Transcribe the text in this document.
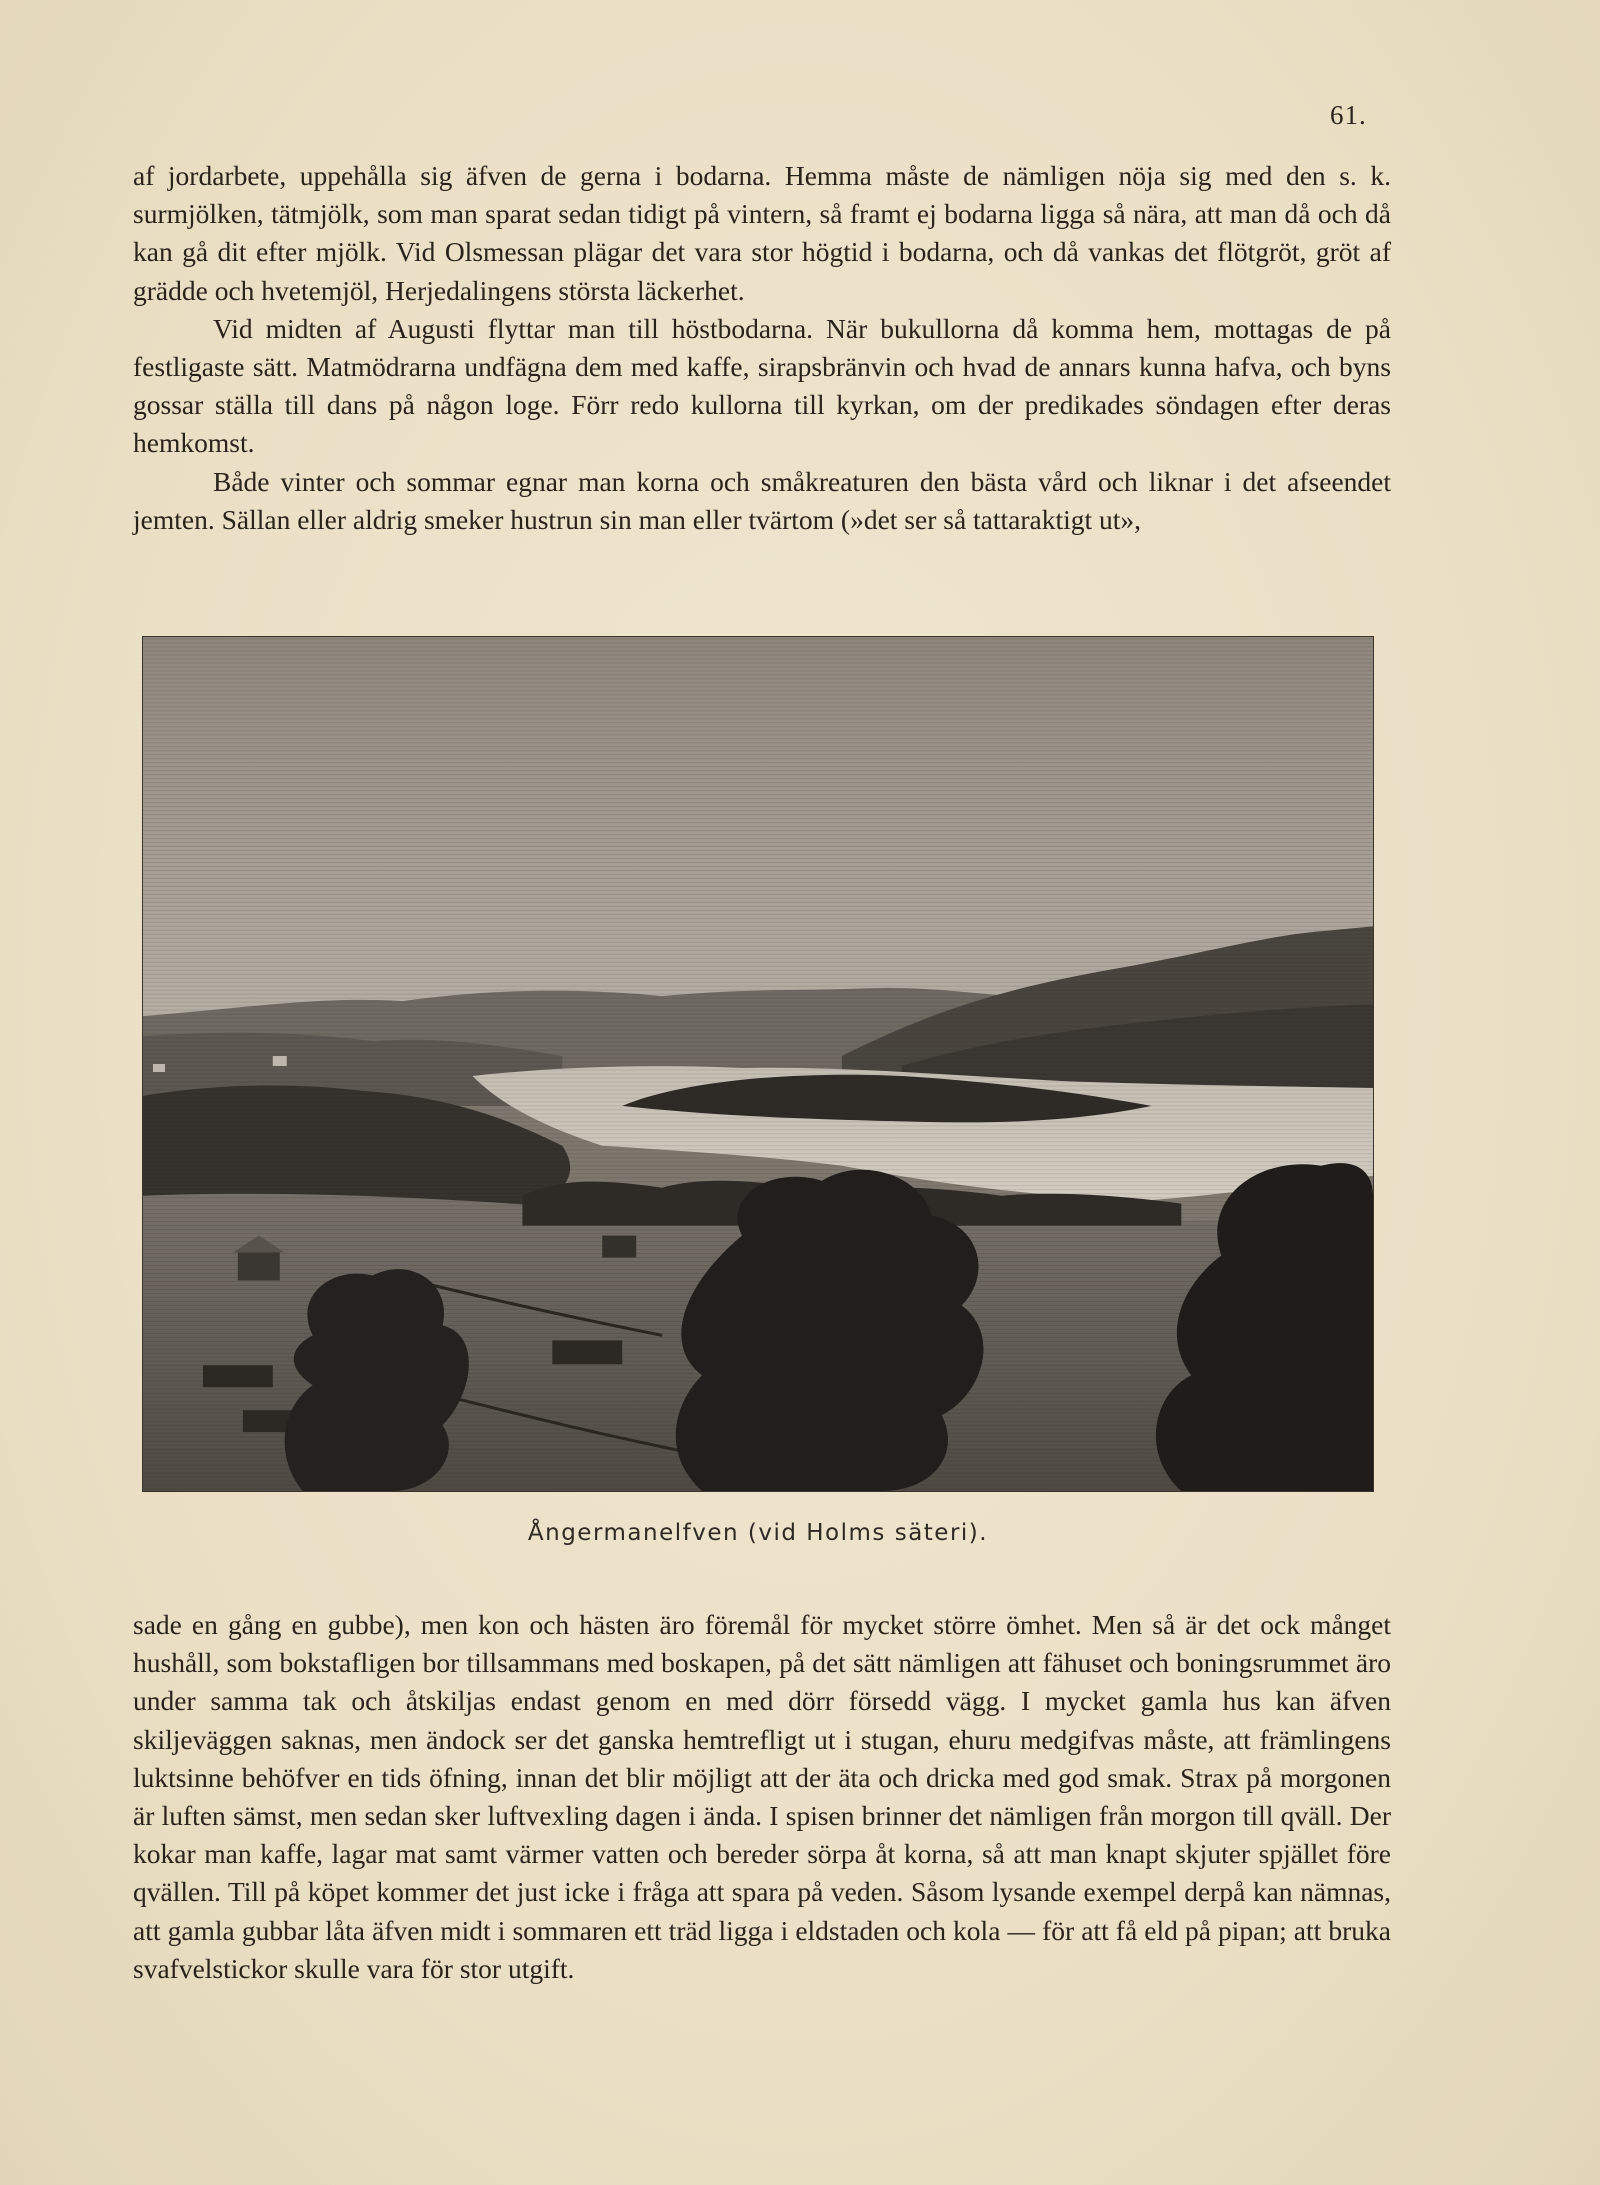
61.

af jordarbete, uppehålla sig äfven de gerna i bodarna. Hemma måste de nämligen nöja sig med den s. k. surmjölken, tätmjölk, som man sparat sedan tidigt på vintern, så framt ej bodarna ligga så nära, att man då och då kan gå dit efter mjölk. Vid Olsmessan plägar det vara stor högtid i bodarna, och då vankas det flötgröt, gröt af grädde och hvetemjöl, Herjedalingens största läckerhet.

Vid midten af Augusti flyttar man till höstbodarna. När bukullorna då komma hem, mottagas de på festligaste sätt. Matmödrarna undfägna dem med kaffe, sirapsbränvin och hvad de annars kunna hafva, och byns gossar ställa till dans på någon loge. Förr redo kullorna till kyrkan, om der predikades söndagen efter deras hemkomst.

Både vinter och sommar egnar man korna och småkreaturen den bästa vård och liknar i det afseendet jemten. Sällan eller aldrig smeker hustrun sin man eller tvärtom (»det ser så tattaraktigt ut»,

Ångermanelfven (vid Holms säteri).

sade en gång en gubbe), men kon och hästen äro föremål för mycket större ömhet. Men så är det ock månget hushåll, som bokstafligen bor tillsammans med boskapen, på det sätt nämligen att fähuset och boningsrummet äro under samma tak och åtskiljas endast genom en med dörr försedd vägg. I mycket gamla hus kan äfven skiljeväggen saknas, men ändock ser det ganska hemtrefligt ut i stugan, ehuru medgifvas måste, att främlingens luktsinne behöfver en tids öfning, innan det blir möjligt att der äta och dricka med god smak. Strax på morgonen är luften sämst, men sedan sker luftvexling dagen i ända. I spisen brinner det nämligen från morgon till qväll. Der kokar man kaffe, lagar mat samt värmer vatten och bereder sörpa åt korna, så att man knapt skjuter spjället före qvällen. Till på köpet kommer det just icke i fråga att spara på veden. Såsom lysande exempel derpå kan nämnas, att gamla gubbar låta äfven midt i sommaren ett träd ligga i eldstaden och kola — för att få eld på pipan; att bruka svafvelstickor skulle vara för stor utgift.
